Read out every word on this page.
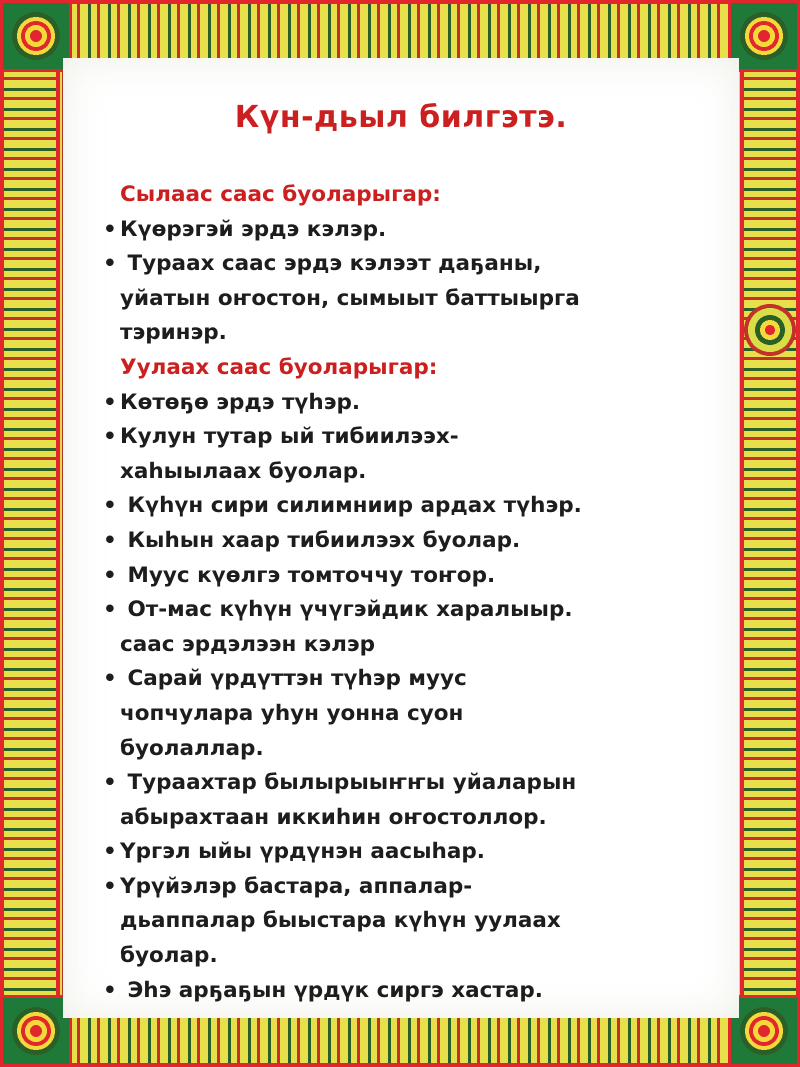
Күн-дьыл билгэтэ.
Сылаас саас буоларыгар:
• Күөрэгэй эрдэ кэлэр.
• Тураах саас эрдэ кэлээт даҕаны,
уйатын оҥостон, сымыыт баттыырга
тэринэр.
Уулаах саас буоларыгар:
• Көтөҕө эрдэ түһэр.
• Кулун тутар ый тибиилээх-
хаһыылаах буолар.
• Күһүн сири силимниир ардах түһэр.
• Кыһын хаар тибиилээх буолар.
• Муус күөлгэ томточчу тоҥор.
• От-мас күһүн үчүгэйдик харалыыр.
саас эрдэлээн кэлэр
• Сарай үрдүттэн түһэр муус
чопчулара уһун уонна суон
буолаллар.
• Тураахтар былырыыҥҥы уйаларын
абырахтаан иккиһин оҥостоллор.
• Үргэл ыйы үрдүнэн аасыһар.
• Үрүйэлэр бастара, аппалар-
дьаппалар быыстара күһүн уулаах
буолар.
• Эһэ арҕаҕын үрдүк сиргэ хастар.
